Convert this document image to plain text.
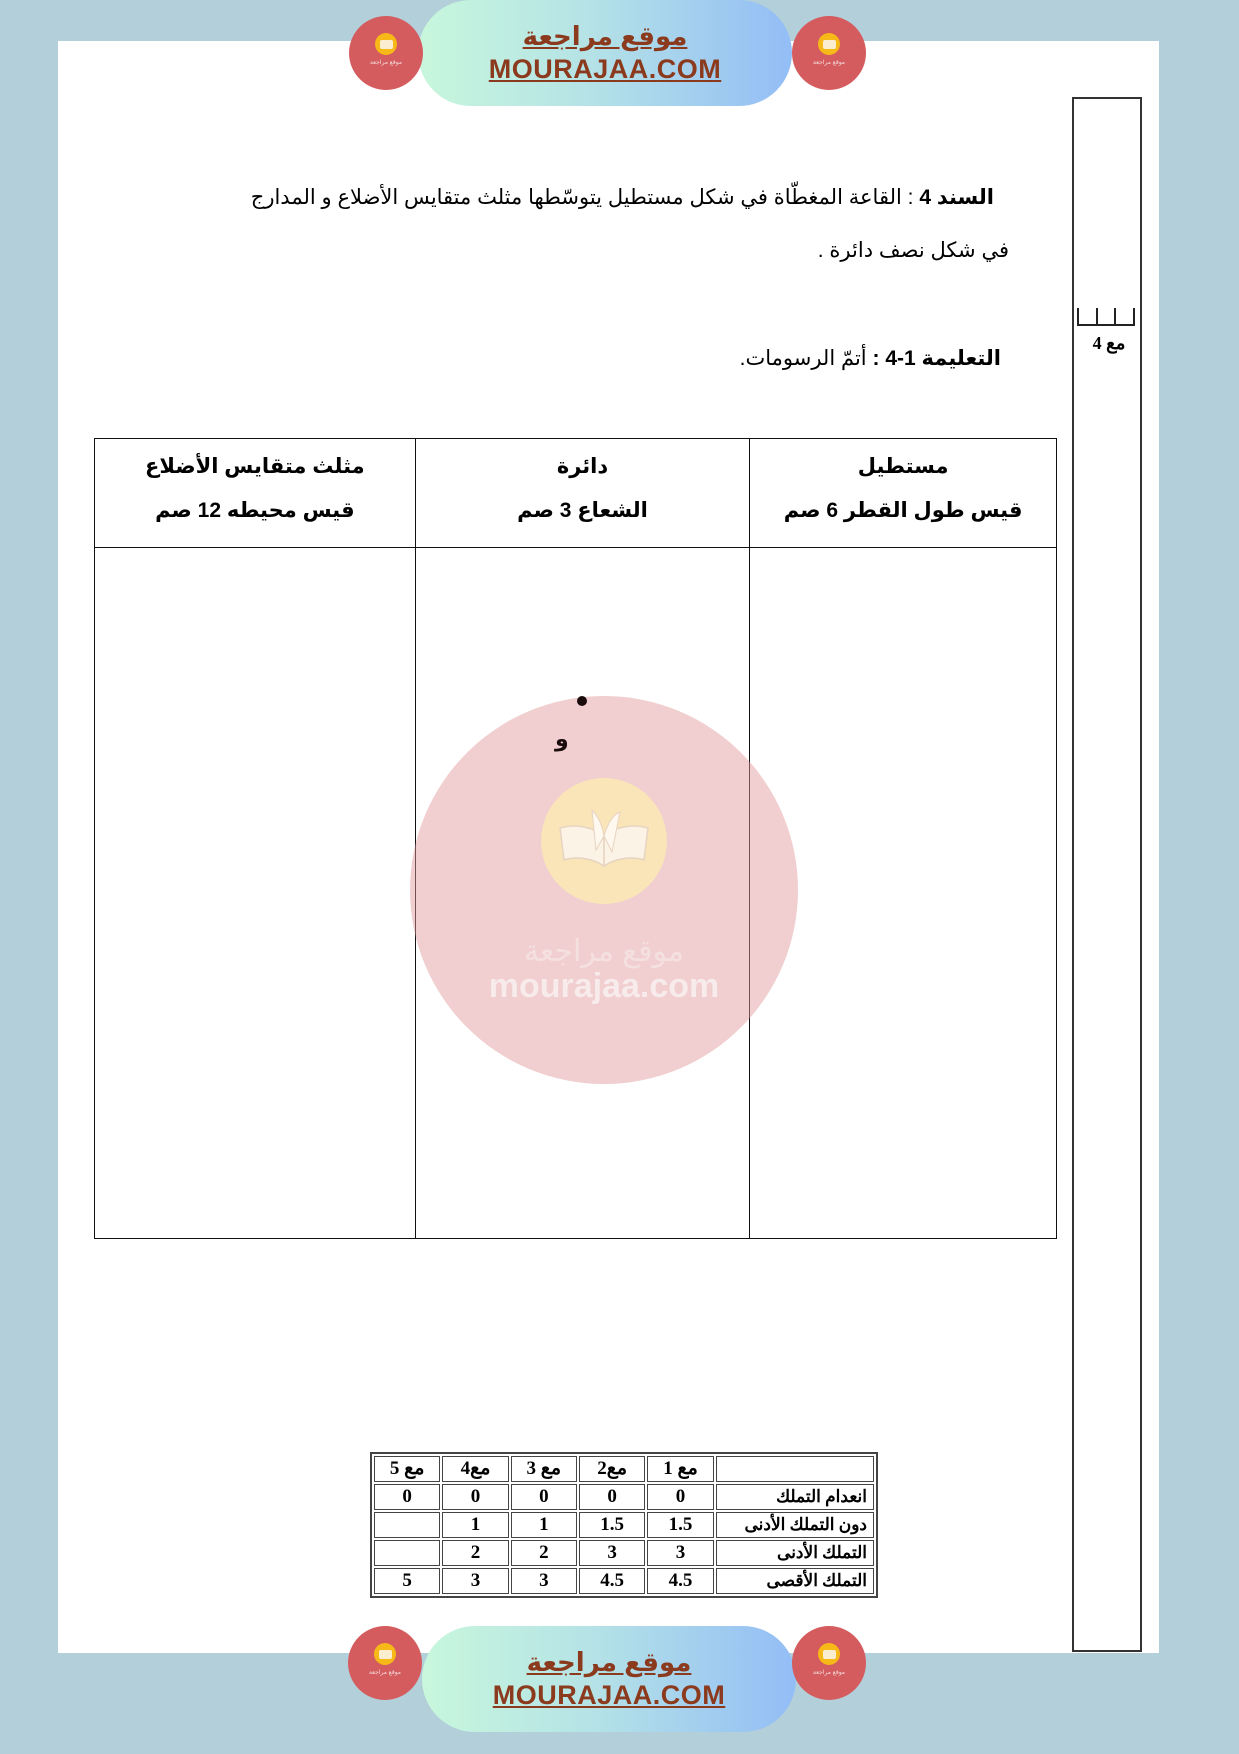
موقع مراجعة
موقع مراجعة
MOURAJAA.COM	موقع مراجعة
السند 4 : القاعة المغطّاة في شكل مستطيل يتوسّطها مثلث متقايس الأضلاع و المدارج
في شكل نصف دائرة .
التعليمة 1-4 : أتمّ الرسومات.
مع 4
مستطيل
قيس طول القطر 6 صم

دائرة
الشعاع 3 صم

مثلث متقايس الأضلاع
قيس محيطه 12 صم

موقع مراجعة
mourajaa.com
و
مع 5	مع4	مع 3	مع2	مع 1	
0	0	0	0	0	انعدام التملك
	1	1	1.5	1.5	دون التملك الأدنى
	2	2	3	3	التملك الأدنى
5	3	3	4.5	4.5	التملك الأقصى
موقع مراجعة	موقع مراجعة
MOURAJAA.COM
موقع مراجعة
